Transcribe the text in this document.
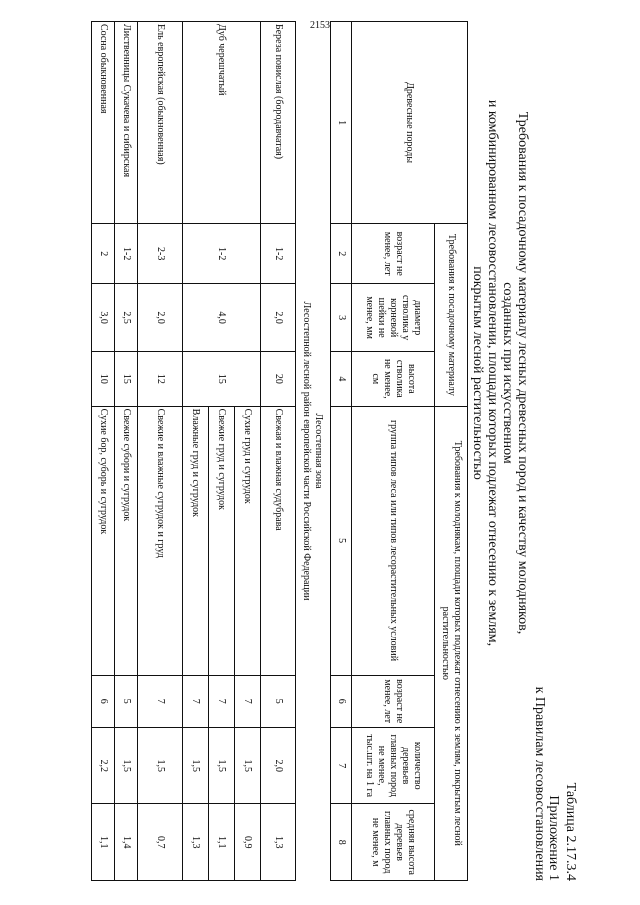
2153
Таблица 2.17.3.4
Приложение 1
к Правилам лесовосстановления
Требования к посадочному материалу лесных древесных пород и качеству молодняков, созданных при искусственном
и комбинированном лесовосстановлении, площади которых подлежат отнесению к землям,
покрытым лесной растительностью
Древесные породы	Требования к посадочному материалу			Требования к молоднякам, площади которых подлежат отнесению к землям, покрытым лесной растительностью			
	возраст не менее, лет	диаметр стволика у корневой шейки не менее, мм	высота стволика не менее, см	группа типов леса или типов лесорастительных условий	возраст не менее, лет	количество деревьев главных пород не менее, тыс.шт. на 1 га	средняя высота деревьев главных пород не менее, м
1	2	3	4	5	6	7	8

Лесостепная зона
Лесостепной лесной район европейской части Российской Федерации							

Береза повислая (бородавчатая)	1-2	2,0	20	Свежая и влажная судубрава	5	2,0	1,3
Дуб черешчатый	1-2	4,0	15	Сухие груд и сугрудок	7	1,5	0,9
				Свежие груд и сугрудок	7	1,5	1,1
				Влажные груд и сугрудок	7	1,5	1,3
Ель европейская (обыкновенная)	2-3	2,0	12	Свежие и влажные сугрудок и груд	7	1,5	0,7
Лиственницы Сукачева и сибирская	1-2	2,5	15	Свежие субори и сугрудок	5	1,5	1,4
Сосна обыкновенная	2	3,0	10	Сухие бор, суборь и сугрудок	6	2,2	1,1
